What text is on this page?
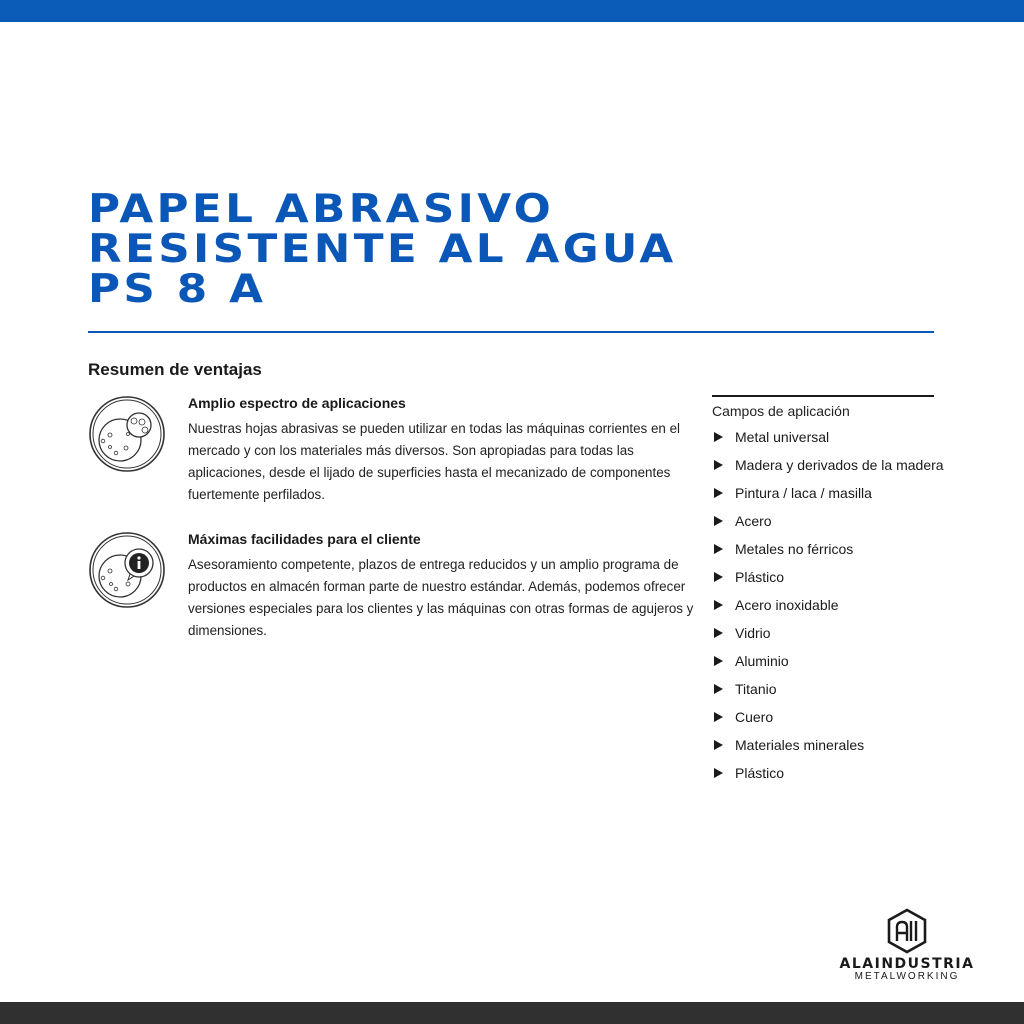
PAPEL ABRASIVO
RESISTENTE AL AGUA
PS 8 A
Resumen de ventajas

Amplio espectro de aplicaciones

Nuestras hojas abrasivas se pueden utilizar en todas las máquinas corrientes en el mercado y con los materiales más diversos. Son apropiadas para todas las aplicaciones, desde el lijado de superficies hasta el mecanizado de componentes fuertemente perfilados.

Máximas facilidades para el cliente

Asesoramiento competente, plazos de entrega reducidos y un amplio programa de productos en almacén forman parte de nuestro estándar. Además, podemos ofrecer versiones especiales para los clientes y las máquinas con otras formas de agujeros y dimensiones.

Campos de aplicación
Metal universal
Madera y derivados de la madera
Pintura / laca / masilla
Acero
Metales no férricos
Plástico
Acero inoxidable
Vidrio
Aluminio
Titanio
Cuero
Materiales minerales
Plástico
ALAINDUSTRIA
METALWORKING
